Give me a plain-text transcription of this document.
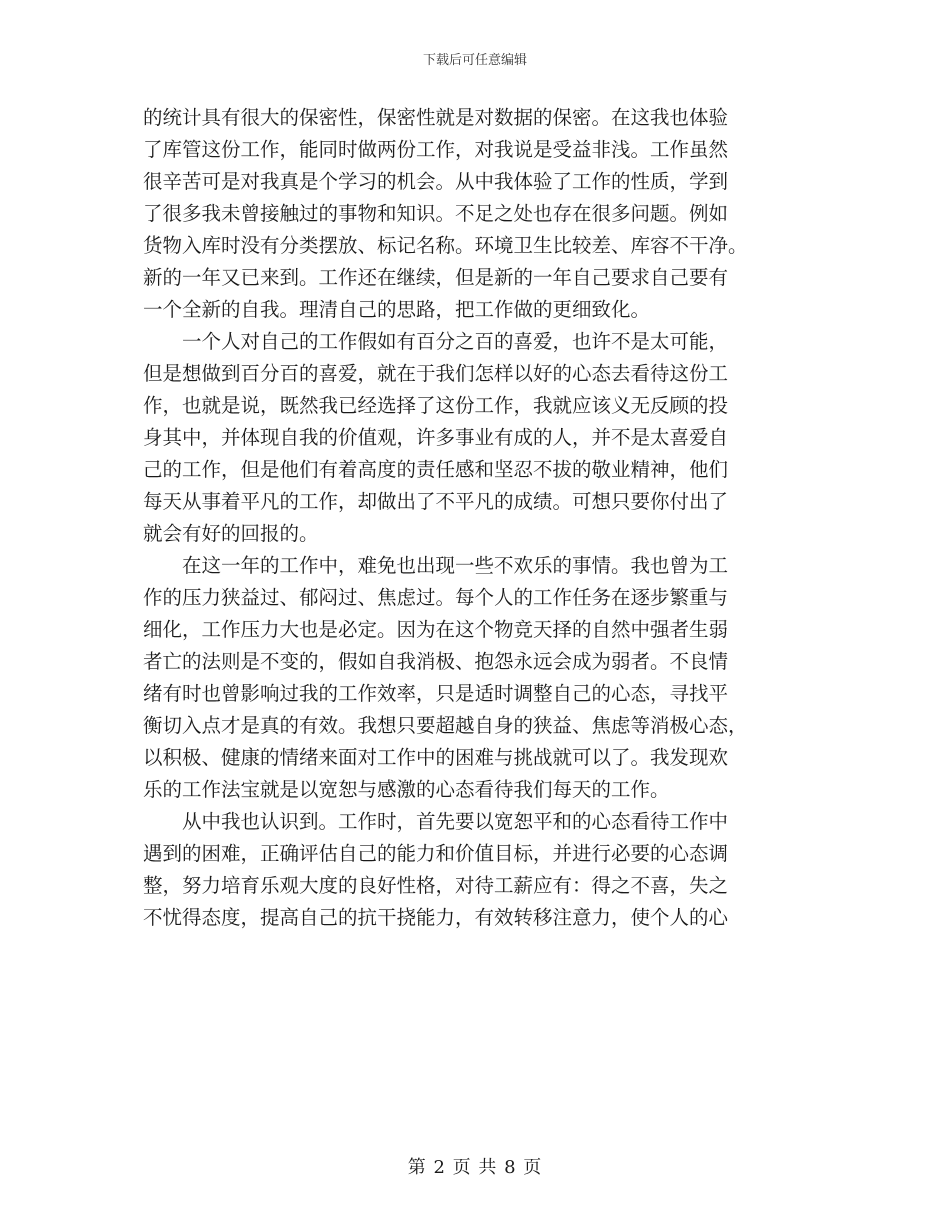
下载后可任意编辑
的统计具有很大的保密性，保密性就是对数据的保密。在这我也体验
了库管这份工作，能同时做两份工作，对我说是受益非浅。工作虽然
很辛苦可是对我真是个学习的机会。从中我体验了工作的性质，学到
了很多我未曾接触过的事物和知识。不足之处也存在很多问题。例如
货物入库时没有分类摆放、标记名称。环境卫生比较差、库容不干净。
新的一年又已来到。工作还在继续，但是新的一年自己要求自己要有
一个全新的自我。理清自己的思路，把工作做的更细致化。
一个人对自己的工作假如有百分之百的喜爱，也许不是太可能，
但是想做到百分百的喜爱，就在于我们怎样以好的心态去看待这份工
作，也就是说，既然我已经选择了这份工作，我就应该义无反顾的投
身其中，并体现自我的价值观，许多事业有成的人，并不是太喜爱自
己的工作，但是他们有着高度的责任感和坚忍不拔的敬业精神，他们
每天从事着平凡的工作，却做出了不平凡的成绩。可想只要你付出了
就会有好的回报的。
在这一年的工作中，难免也出现一些不欢乐的事情。我也曾为工
作的压力狭益过、郁闷过、焦虑过。每个人的工作任务在逐步繁重与
细化，工作压力大也是必定。因为在这个物竞天择的自然中强者生弱
者亡的法则是不变的，假如自我消极、抱怨永远会成为弱者。不良情
绪有时也曾影响过我的工作效率，只是适时调整自己的心态，寻找平
衡切入点才是真的有效。我想只要超越自身的狭益、焦虑等消极心态，
以积极、健康的情绪来面对工作中的困难与挑战就可以了。我发现欢
乐的工作法宝就是以宽恕与感激的心态看待我们每天的工作。
从中我也认识到。工作时，首先要以宽恕平和的心态看待工作中
遇到的困难，正确评估自己的能力和价值目标，并进行必要的心态调
整，努力培育乐观大度的良好性格，对待工薪应有：得之不喜，失之
不忧得态度，提高自己的抗干挠能力，有效转移注意力，使个人的心
第 2 页 共 8 页
